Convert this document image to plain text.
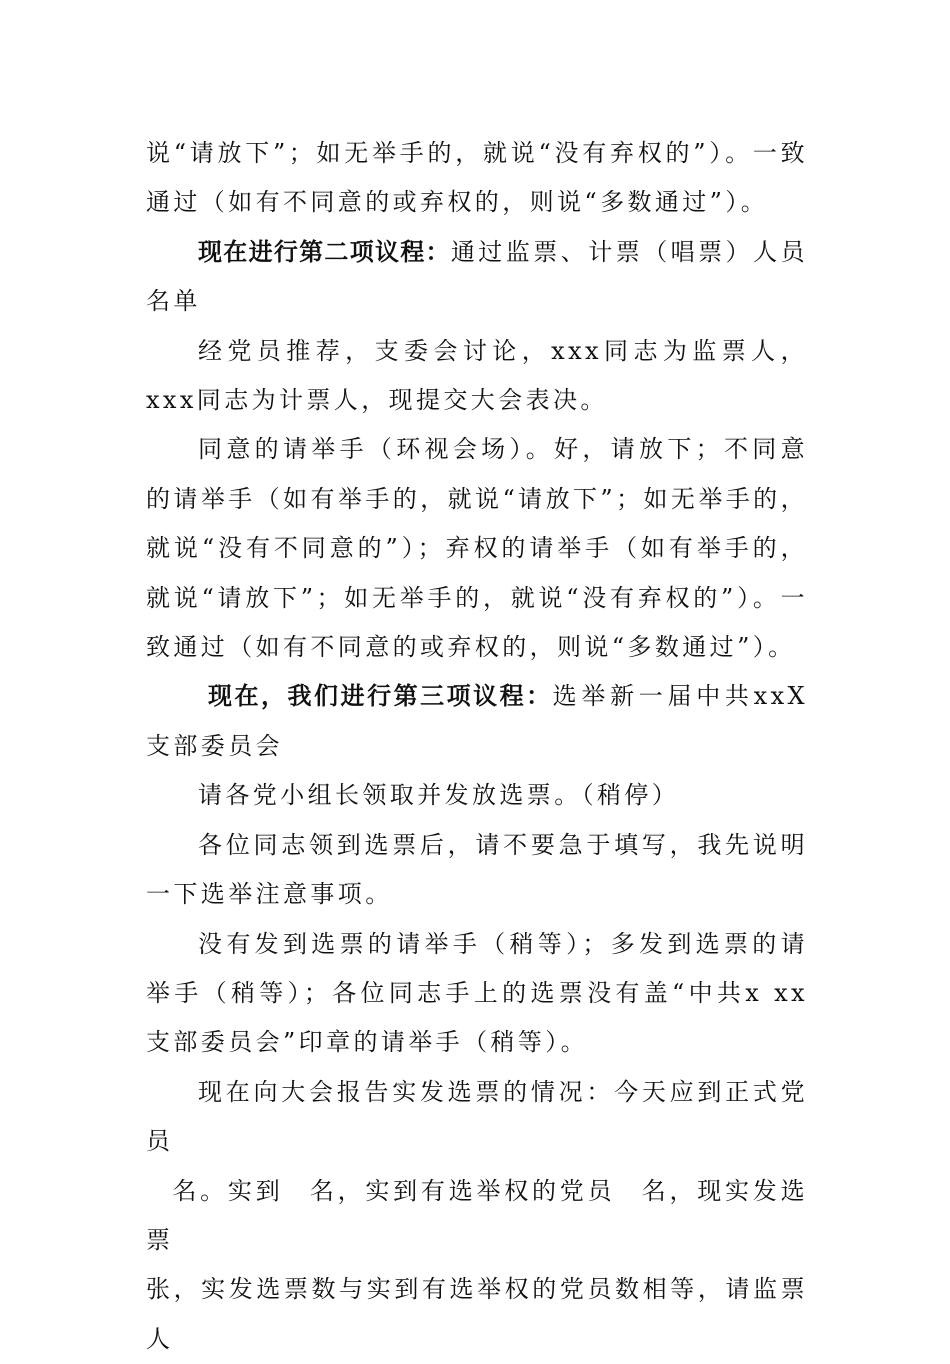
说“请放下”；如无举手的，就说“没有弃权的”）。一致通过（如有不同意的或弃权的，则说“多数通过”）。

现在进行第二项议程：通过监票、计票（唱票）人员名单

经党员推荐，支委会讨论，xxx同志为监票人，xxx同志为计票人，现提交大会表决。

同意的请举手（环视会场）。好，请放下；不同意的请举手（如有举手的，就说“请放下”；如无举手的，就说“没有不同意的”）；弃权的请举手（如有举手的，就说“请放下”；如无举手的，就说“没有弃权的”）。一致通过（如有不同意的或弃权的，则说“多数通过”）。

现在，我们进行第三项议程：选举新一届中共xxX支部委员会

请各党小组长领取并发放选票。（稍停）

各位同志领到选票后，请不要急于填写，我先说明一下选举注意事项。

没有发到选票的请举手（稍等）；多发到选票的请举手（稍等）；各位同志手上的选票没有盖“中共x xx支部委员会”印章的请举手（稍等）。

现在向大会报告实发选票的情况：今天应到正式党员
名。实到 名，实到有选举权的党员 名，现实发选票
张，实发选票数与实到有选举权的党员数相等，请监票人
